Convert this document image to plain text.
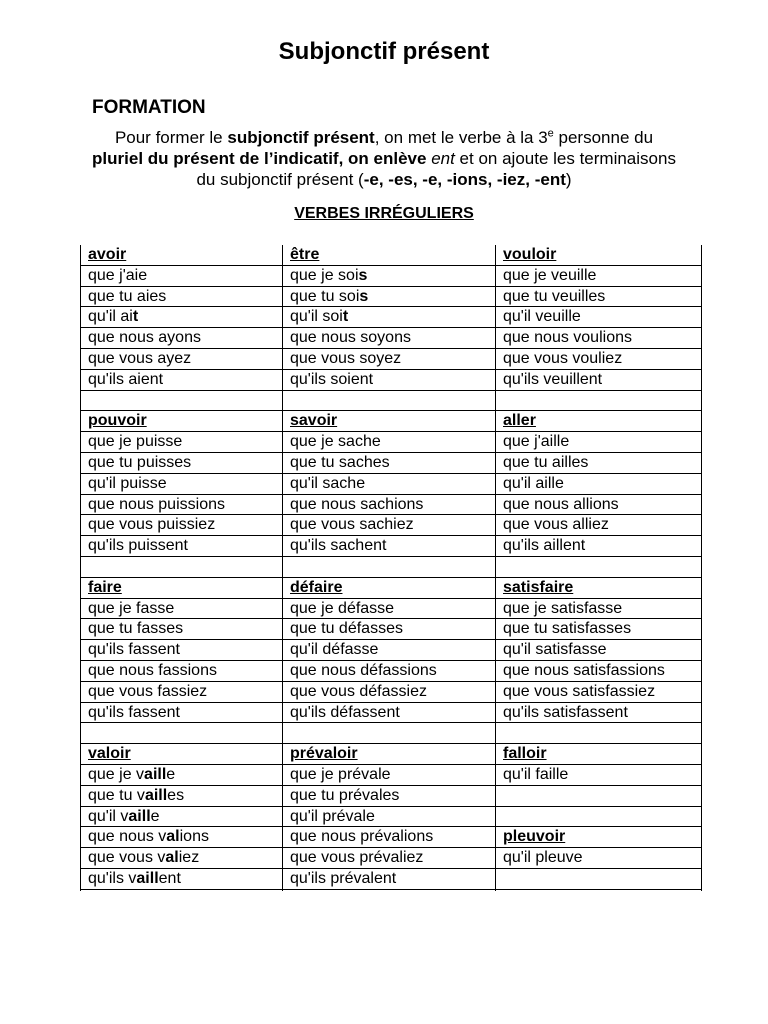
Subjonctif présent
FORMATION
Pour former le subjonctif présent, on met le verbe à la 3e personne du
pluriel du présent de l’indicatif, on enlève ent et on ajoute les terminaisons
du subjonctif présent (-e, -es, -e, -ions, -iez, -ent)
VERBES IRRÉGULIERS
avoir
que j'aie
que tu aies
qu'il ait
que nous ayons
que vous ayez
qu'ils aient
pouvoir
que je puisse
que tu puisses
qu'il puisse
que nous puissions
que vous puissiez
qu'ils puissent
faire
que je fasse
que tu fasses
qu'ils fassent
que nous fassions
que vous fassiez
qu'ils fassent
valoir
que je vaille
que tu vailles
qu'il vaille
que nous valions
que vous valiez
qu'ils vaillent
être
que je sois
que tu sois
qu'il soit
que nous soyons
que vous soyez
qu'ils soient
savoir
que je sache
que tu saches
qu'il sache
que nous sachions
que vous sachiez
qu'ils sachent
défaire
que je défasse
que tu défasses
qu'il défasse
que nous défassions
que vous défassiez
qu'ils défassent
prévaloir
que je prévale
que tu prévales
qu'il prévale
que nous prévalions
que vous prévaliez
qu'ils prévalent
vouloir
que je veuille
que tu veuilles
qu'il veuille
que nous voulions
que vous vouliez
qu'ils veuillent
aller
que j'aille
que tu ailles
qu'il aille
que nous allions
que vous alliez
qu'ils aillent
satisfaire
que je satisfasse
que tu satisfasses
qu'il satisfasse
que nous satisfassions
que vous satisfassiez
qu'ils satisfassent
falloir
qu'il faille
pleuvoir
qu'il pleuve
